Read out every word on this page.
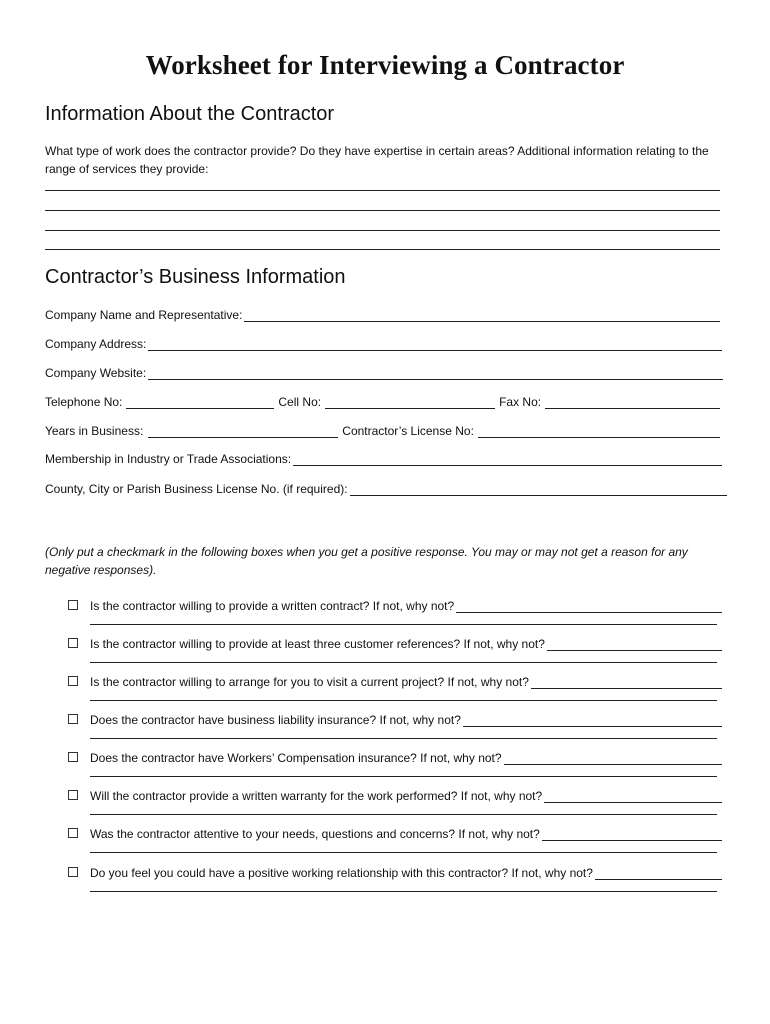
Worksheet for Interviewing a Contractor
Information About the Contractor

What type of work does the contractor provide? Do they have expertise in certain areas? Additional information relating to the range of services they provide:

Contractor’s Business Information
Company Name and Representative:
Company Address:
Company Website:
Telephone No:	Cell No:	Fax No:
Years in Business:	Contractor’s License No:
Membership in Industry or Trade Associations:
County, City or Parish Business License No. (if required):

(Only put a checkmark in the following boxes when you get a positive response. You may or may not get a reason for any negative responses).

Is the contractor willing to provide a written contract? If not, why not?
Is the contractor willing to provide at least three customer references? If not, why not?
Is the contractor willing to arrange for you to visit a current project? If not, why not?
Does the contractor have business liability insurance? If not, why not?
Does the contractor have Workers’ Compensation insurance? If not, why not?
Will the contractor provide a written warranty for the work performed? If not, why not?
Was the contractor attentive to your needs, questions and concerns? If not, why not?
Do you feel you could have a positive working relationship with this contractor? If not, why not?
